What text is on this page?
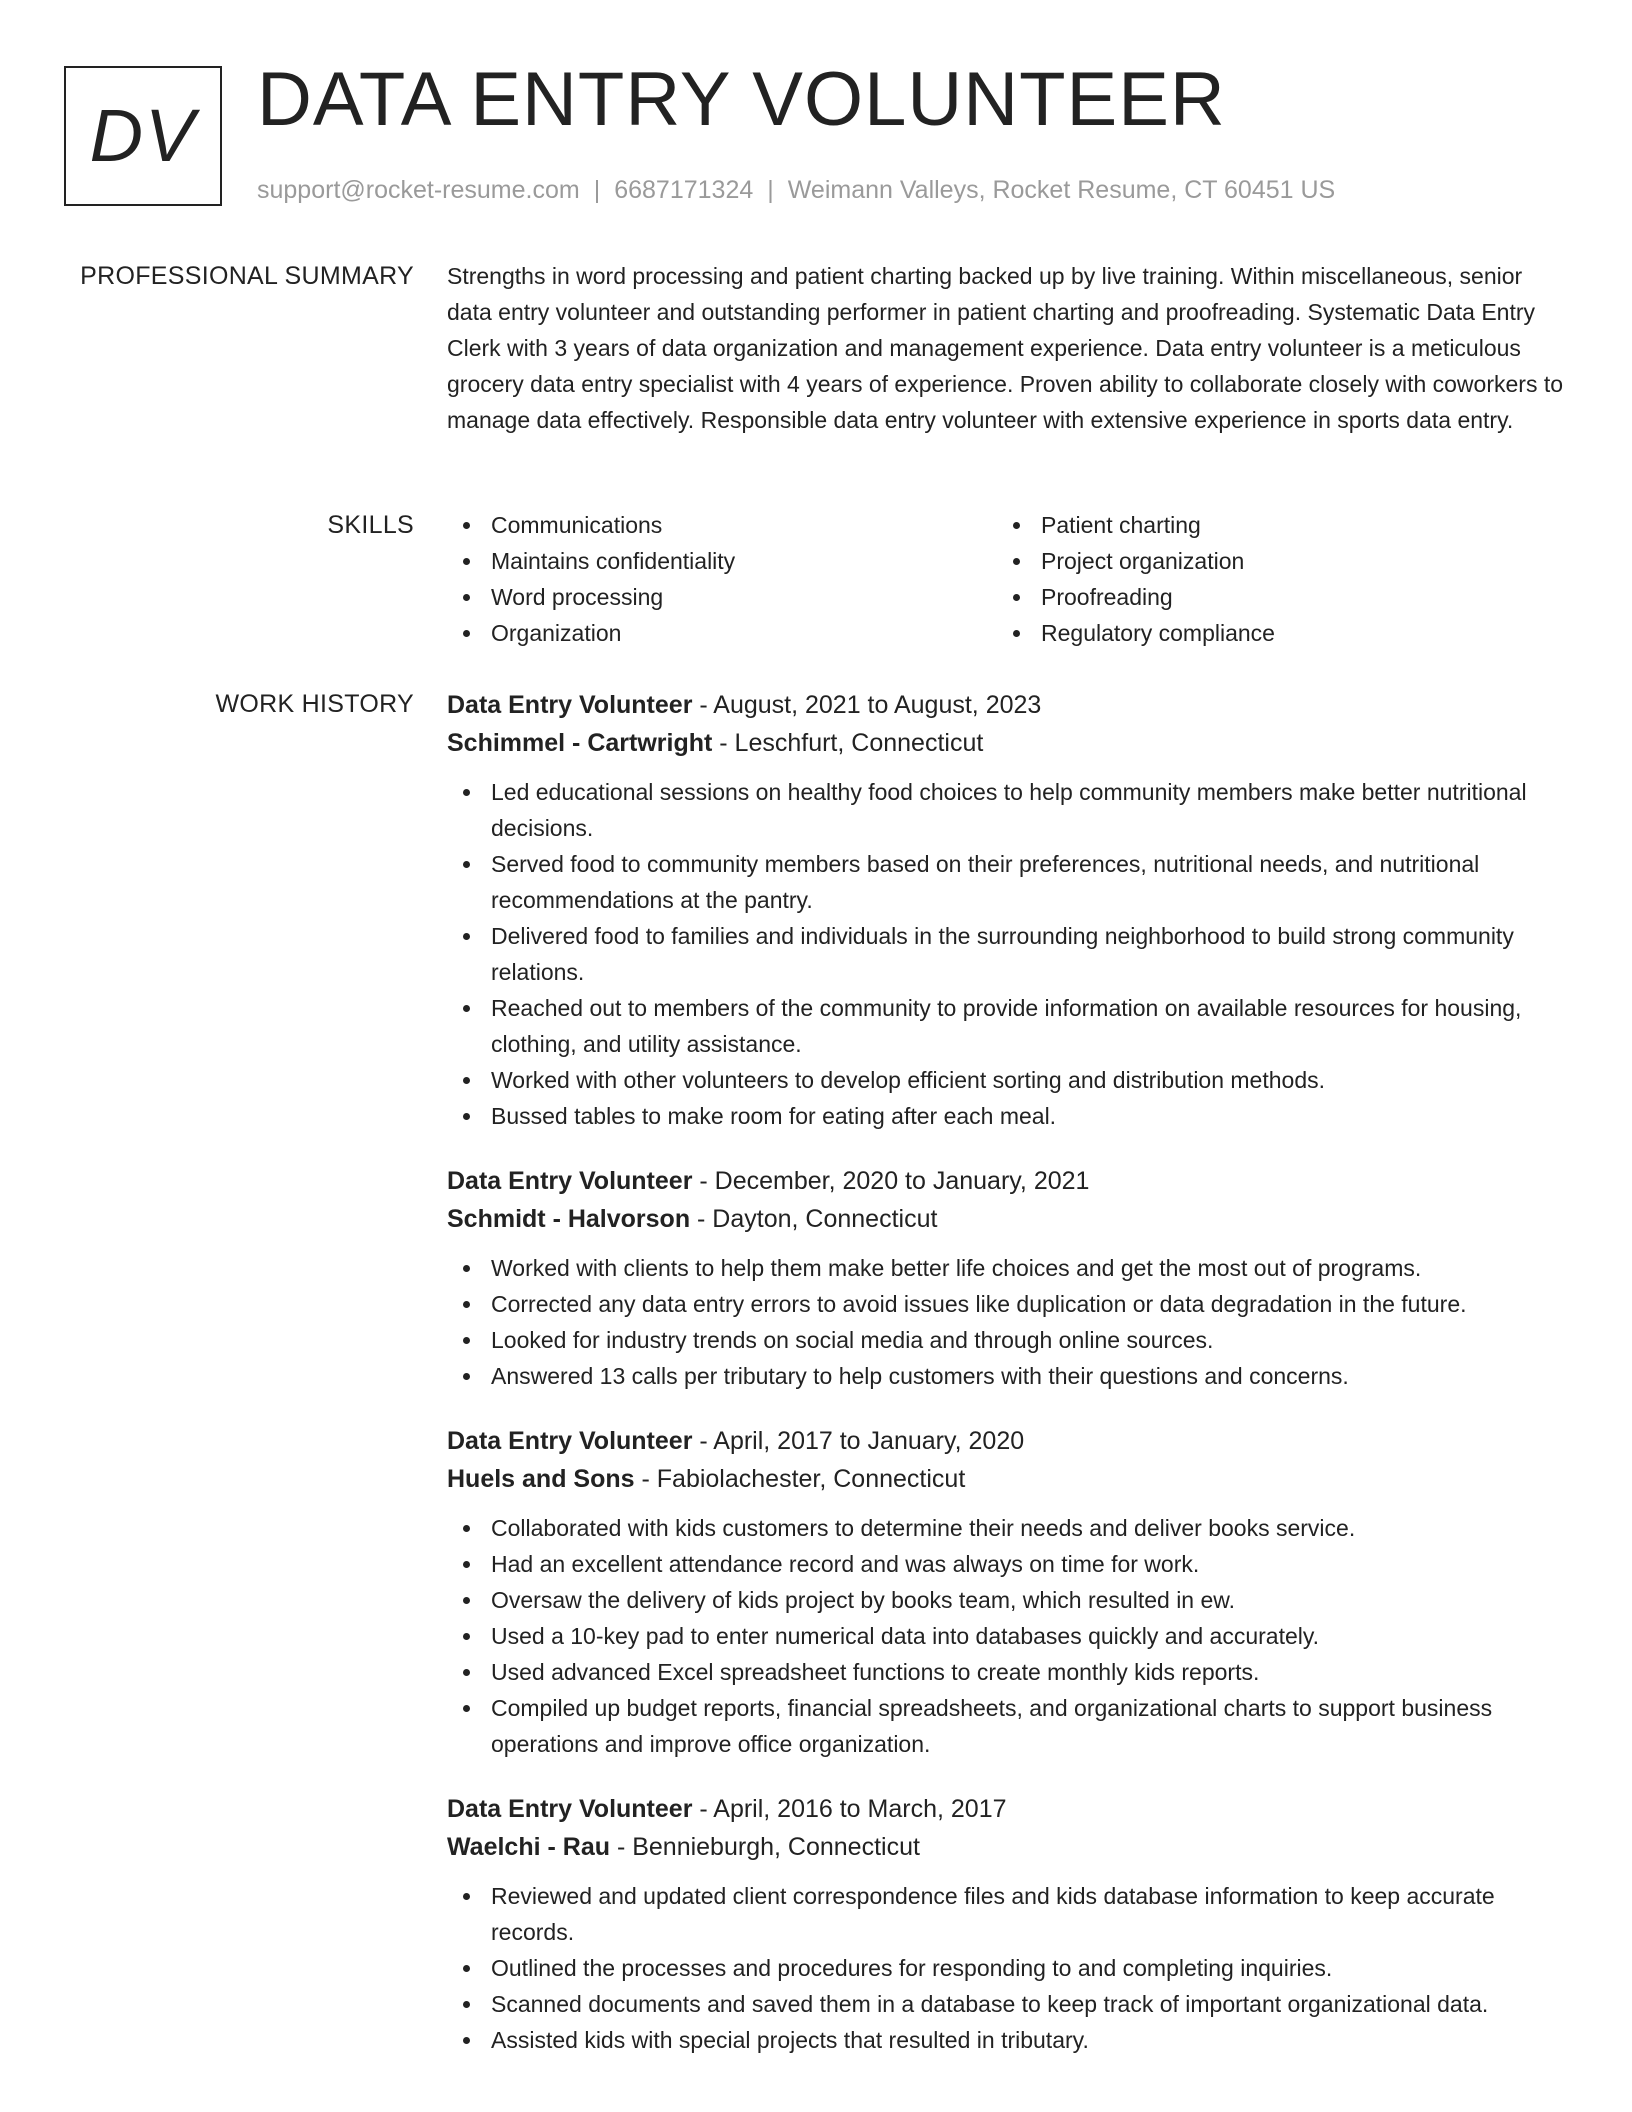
DV DATA ENTRY VOLUNTEER
support@rocket-resume.com | 6687171324 | Weimann Valleys, Rocket Resume, CT 60451 US
PROFESSIONAL SUMMARY Strengths in word processing and patient charting backed up by live training. Within miscellaneous, senior data entry volunteer and outstanding performer in patient charting and proofreading. Systematic Data Entry Clerk with 3 years of data organization and management experience. Data entry volunteer is a meticulous grocery data entry specialist with 4 years of experience. Proven ability to collaborate closely with coworkers to manage data effectively. Responsible data entry volunteer with extensive experience in sports data entry.

SKILLS	Communications
Maintains confidentiality
Word processing
Organization
Patient charting
Project organization
Proofreading
Regulatory compliance
WORK HISTORY Data Entry Volunteer - August, 2021 to August, 2023
Schimmel - Cartwright - Leschfurt, Connecticut
Led educational sessions on healthy food choices to help community members make better nutritional decisions.
Served food to community members based on their preferences, nutritional needs, and nutritional recommendations at the pantry.
Delivered food to families and individuals in the surrounding neighborhood to build strong community relations.
Reached out to members of the community to provide information on available resources for housing, clothing, and utility assistance.
Worked with other volunteers to develop efficient sorting and distribution methods.
Bussed tables to make room for eating after each meal.
Data Entry Volunteer - December, 2020 to January, 2021
Schmidt - Halvorson - Dayton, Connecticut
Worked with clients to help them make better life choices and get the most out of programs.
Corrected any data entry errors to avoid issues like duplication or data degradation in the future.
Looked for industry trends on social media and through online sources.
Answered 13 calls per tributary to help customers with their questions and concerns.
Data Entry Volunteer - April, 2017 to January, 2020
Huels and Sons - Fabiolachester, Connecticut
Collaborated with kids customers to determine their needs and deliver books service.
Had an excellent attendance record and was always on time for work.
Oversaw the delivery of kids project by books team, which resulted in ew.
Used a 10-key pad to enter numerical data into databases quickly and accurately.
Used advanced Excel spreadsheet functions to create monthly kids reports.
Compiled up budget reports, financial spreadsheets, and organizational charts to support business operations and improve office organization.
Data Entry Volunteer - April, 2016 to March, 2017
Waelchi - Rau - Bennieburgh, Connecticut
Reviewed and updated client correspondence files and kids database information to keep accurate records.
Outlined the processes and procedures for responding to and completing inquiries.
Scanned documents and saved them in a database to keep track of important organizational data.
Assisted kids with special projects that resulted in tributary.
